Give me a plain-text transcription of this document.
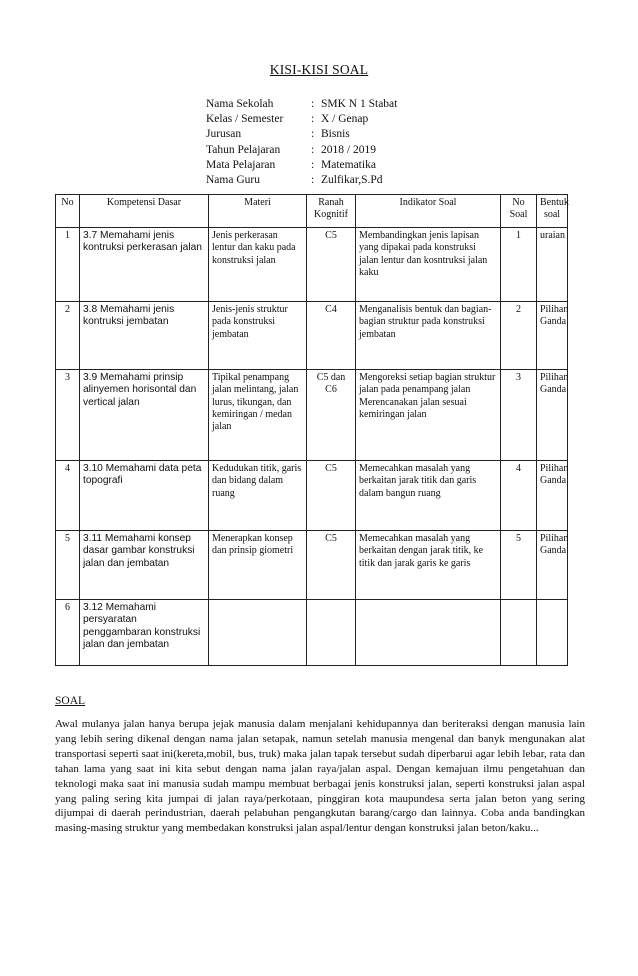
KISI-KISI SOAL
Nama Sekolah	: SMK N 1 Stabat
Kelas / Semester : X / Genap
Jurusan	: Bisnis
Tahun Pelajaran	: 2018 / 2019
Mata Pelajaran	: Matematika
Nama Guru	: Zulfikar,S.Pd
No	Kompetensi Dasar	Materi	Ranah Kognitif	Indikator Soal	No Soal	Bentuk soal
1	3.7 Memahami jenis kontruksi perkerasan jalan	Jenis perkerasan lentur dan kaku pada konstruksi jalan	C5	Membandingkan jenis lapisan yang dipakai pada konstruksi jalan lentur dan kosntruksi jalan kaku	1	uraian
2	3.8 Memahami jenis kontruksi jembatan	Jenis-jenis struktur pada konstruksi jembatan	C4	Menganalisis bentuk dan bagian- bagian struktur pada konstruksi jembatan	2	Pilihan Ganda
3	3.9 Memahami prinsip alinyemen horisontal dan vertical jalan	Tipikal penampang jalan melintang, jalan lurus, tikungan, dan kemiringan / medan jalan	C5 dan C6	Mengoreksi setiap bagian struktur jalan pada penampang jalan Merencanakan jalan sesuai kemiringan jalan	3	Pilihan Ganda
4	3.10 Memahami data peta topografi	Kedudukan titik, garis dan bidang dalam ruang	C5	Memecahkan masalah yang berkaitan jarak titik dan garis dalam bangun ruang	4	Pilihan Ganda
5	3.11 Memahami konsep dasar gambar konstruksi jalan dan jembatan	Menerapkan konsep dan prinsip giometri	C5	Memecahkan masalah yang berkaitan dengan jarak titik, ke titik dan jarak garis ke garis	5	Pilihan Ganda
6	3.12 Memahami persyaratan penggambaran konstruksi jalan dan jembatan					
SOAL
Awal mulanya jalan hanya berupa jejak manusia dalam menjalani kehidupannya dan beriteraksi dengan manusia lain yang lebih sering dikenal dengan nama jalan setapak, namun setelah manusia mengenal dan banyk mengunakan alat transportasi seperti saat ini(kereta,mobil, bus, truk) maka jalan tapak tersebut sudah diperbarui agar lebih lebar, rata dan tahan lama yang saat ini kita sebut dengan nama jalan raya/jalan aspal. Dengan kemajuan ilmu pengetahuan dan teknologi maka saat ini manusia sudah mampu membuat berbagai jenis konstruksi jalan, seperti konstruksi jalan aspal yang paling sering kita jumpai di jalan raya/perkotaan, pinggiran kota maupundesa serta jalan beton yang sering dijumpai di daerah perindustrian, daerah pelabuhan pengangkutan barang/cargo dan lainnya. Coba anda bandingkan masing-masing struktur yang membedakan konstruksi jalan aspal/lentur dengan konstruksi jalan beton/kaku...
